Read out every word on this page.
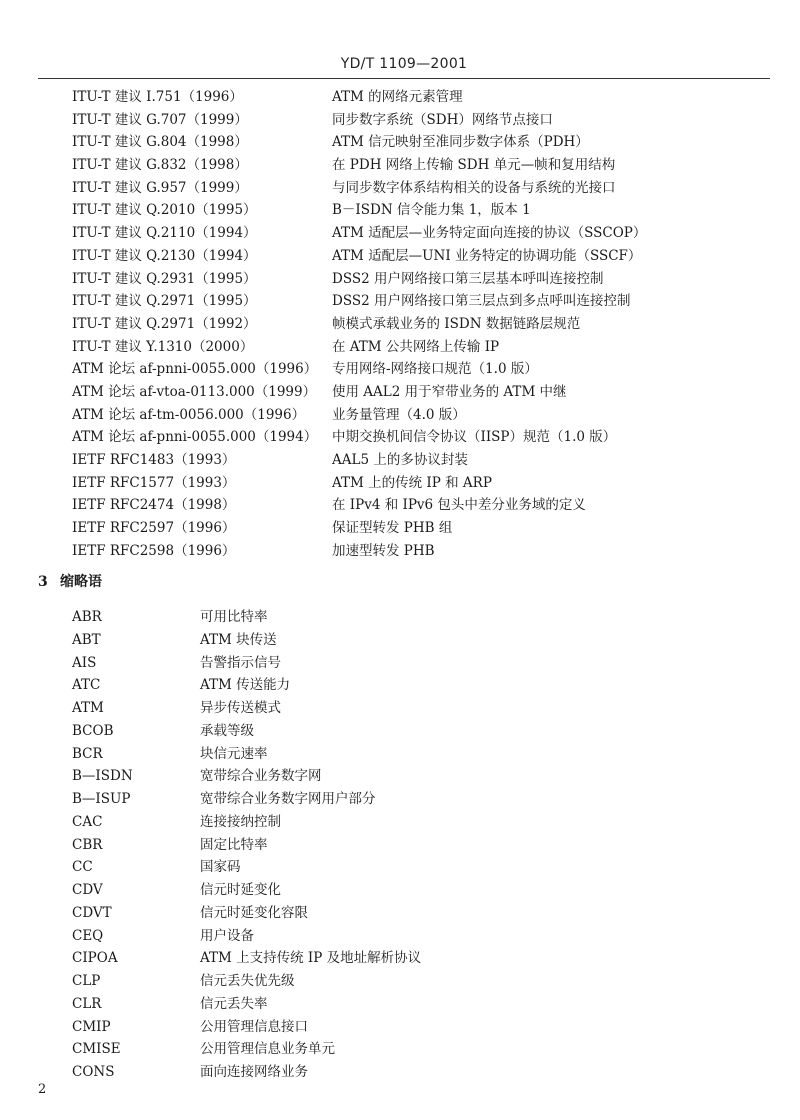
YD/T 1109—2001
ITU-T 建议 I.751（1996）	ATM 的网络元素管理
ITU-T 建议 G.707（1999）	同步数字系统（SDH）网络节点接口
ITU-T 建议 G.804（1998）	ATM 信元映射至准同步数字体系（PDH）
ITU-T 建议 G.832（1998）	在 PDH 网络上传输 SDH 单元—帧和复用结构
ITU-T 建议 G.957（1999）	与同步数字体系结构相关的设备与系统的光接口
ITU-T 建议 Q.2010（1995）	B－ISDN 信令能力集 1，版本 1
ITU-T 建议 Q.2110（1994）	ATM 适配层—业务特定面向连接的协议（SSCOP）
ITU-T 建议 Q.2130（1994）	ATM 适配层—UNI 业务特定的协调功能（SSCF）
ITU-T 建议 Q.2931（1995）	DSS2 用户网络接口第三层基本呼叫连接控制
ITU-T 建议 Q.2971（1995）	DSS2 用户网络接口第三层点到多点呼叫连接控制
ITU-T 建议 Q.2971（1992）	帧模式承载业务的 ISDN 数据链路层规范
ITU-T 建议 Y.1310（2000）	在 ATM 公共网络上传输 IP
ATM 论坛 af-pnni-0055.000（1996） 专用网络-网络接口规范（1.0 版）
ATM 论坛 af-vtoa-0113.000（1999） 使用 AAL2 用于窄带业务的 ATM 中继
ATM 论坛 af-tm-0056.000（1996） 业务量管理（4.0 版）
ATM 论坛 af-pnni-0055.000（1994） 中期交换机间信令协议（IISP）规范（1.0 版）
IETF RFC1483（1993）	AAL5 上的多协议封装
IETF RFC1577（1993）	ATM 上的传统 IP 和 ARP
IETF RFC2474（1998）	在 IPv4 和 IPv6 包头中差分业务域的定义
IETF RFC2597（1996）	保证型转发 PHB 组
IETF RFC2598（1996）	加速型转发 PHB
3 缩略语
ABR	可用比特率
ABT	ATM 块传送
AIS	告警指示信号
ATC	ATM 传送能力
ATM	异步传送模式
BCOB	承载等级
BCR	块信元速率
B—ISDN	宽带综合业务数字网
B—ISUP	宽带综合业务数字网用户部分
CAC	连接接纳控制
CBR	固定比特率
CC	国家码
CDV	信元时延变化
CDVT	信元时延变化容限
CEQ	用户设备
CIPOA	ATM 上支持传统 IP 及地址解析协议
CLP	信元丢失优先级
CLR	信元丢失率
CMIP	公用管理信息接口
CMISE	公用管理信息业务单元
CONS	面向连接网络业务
2
